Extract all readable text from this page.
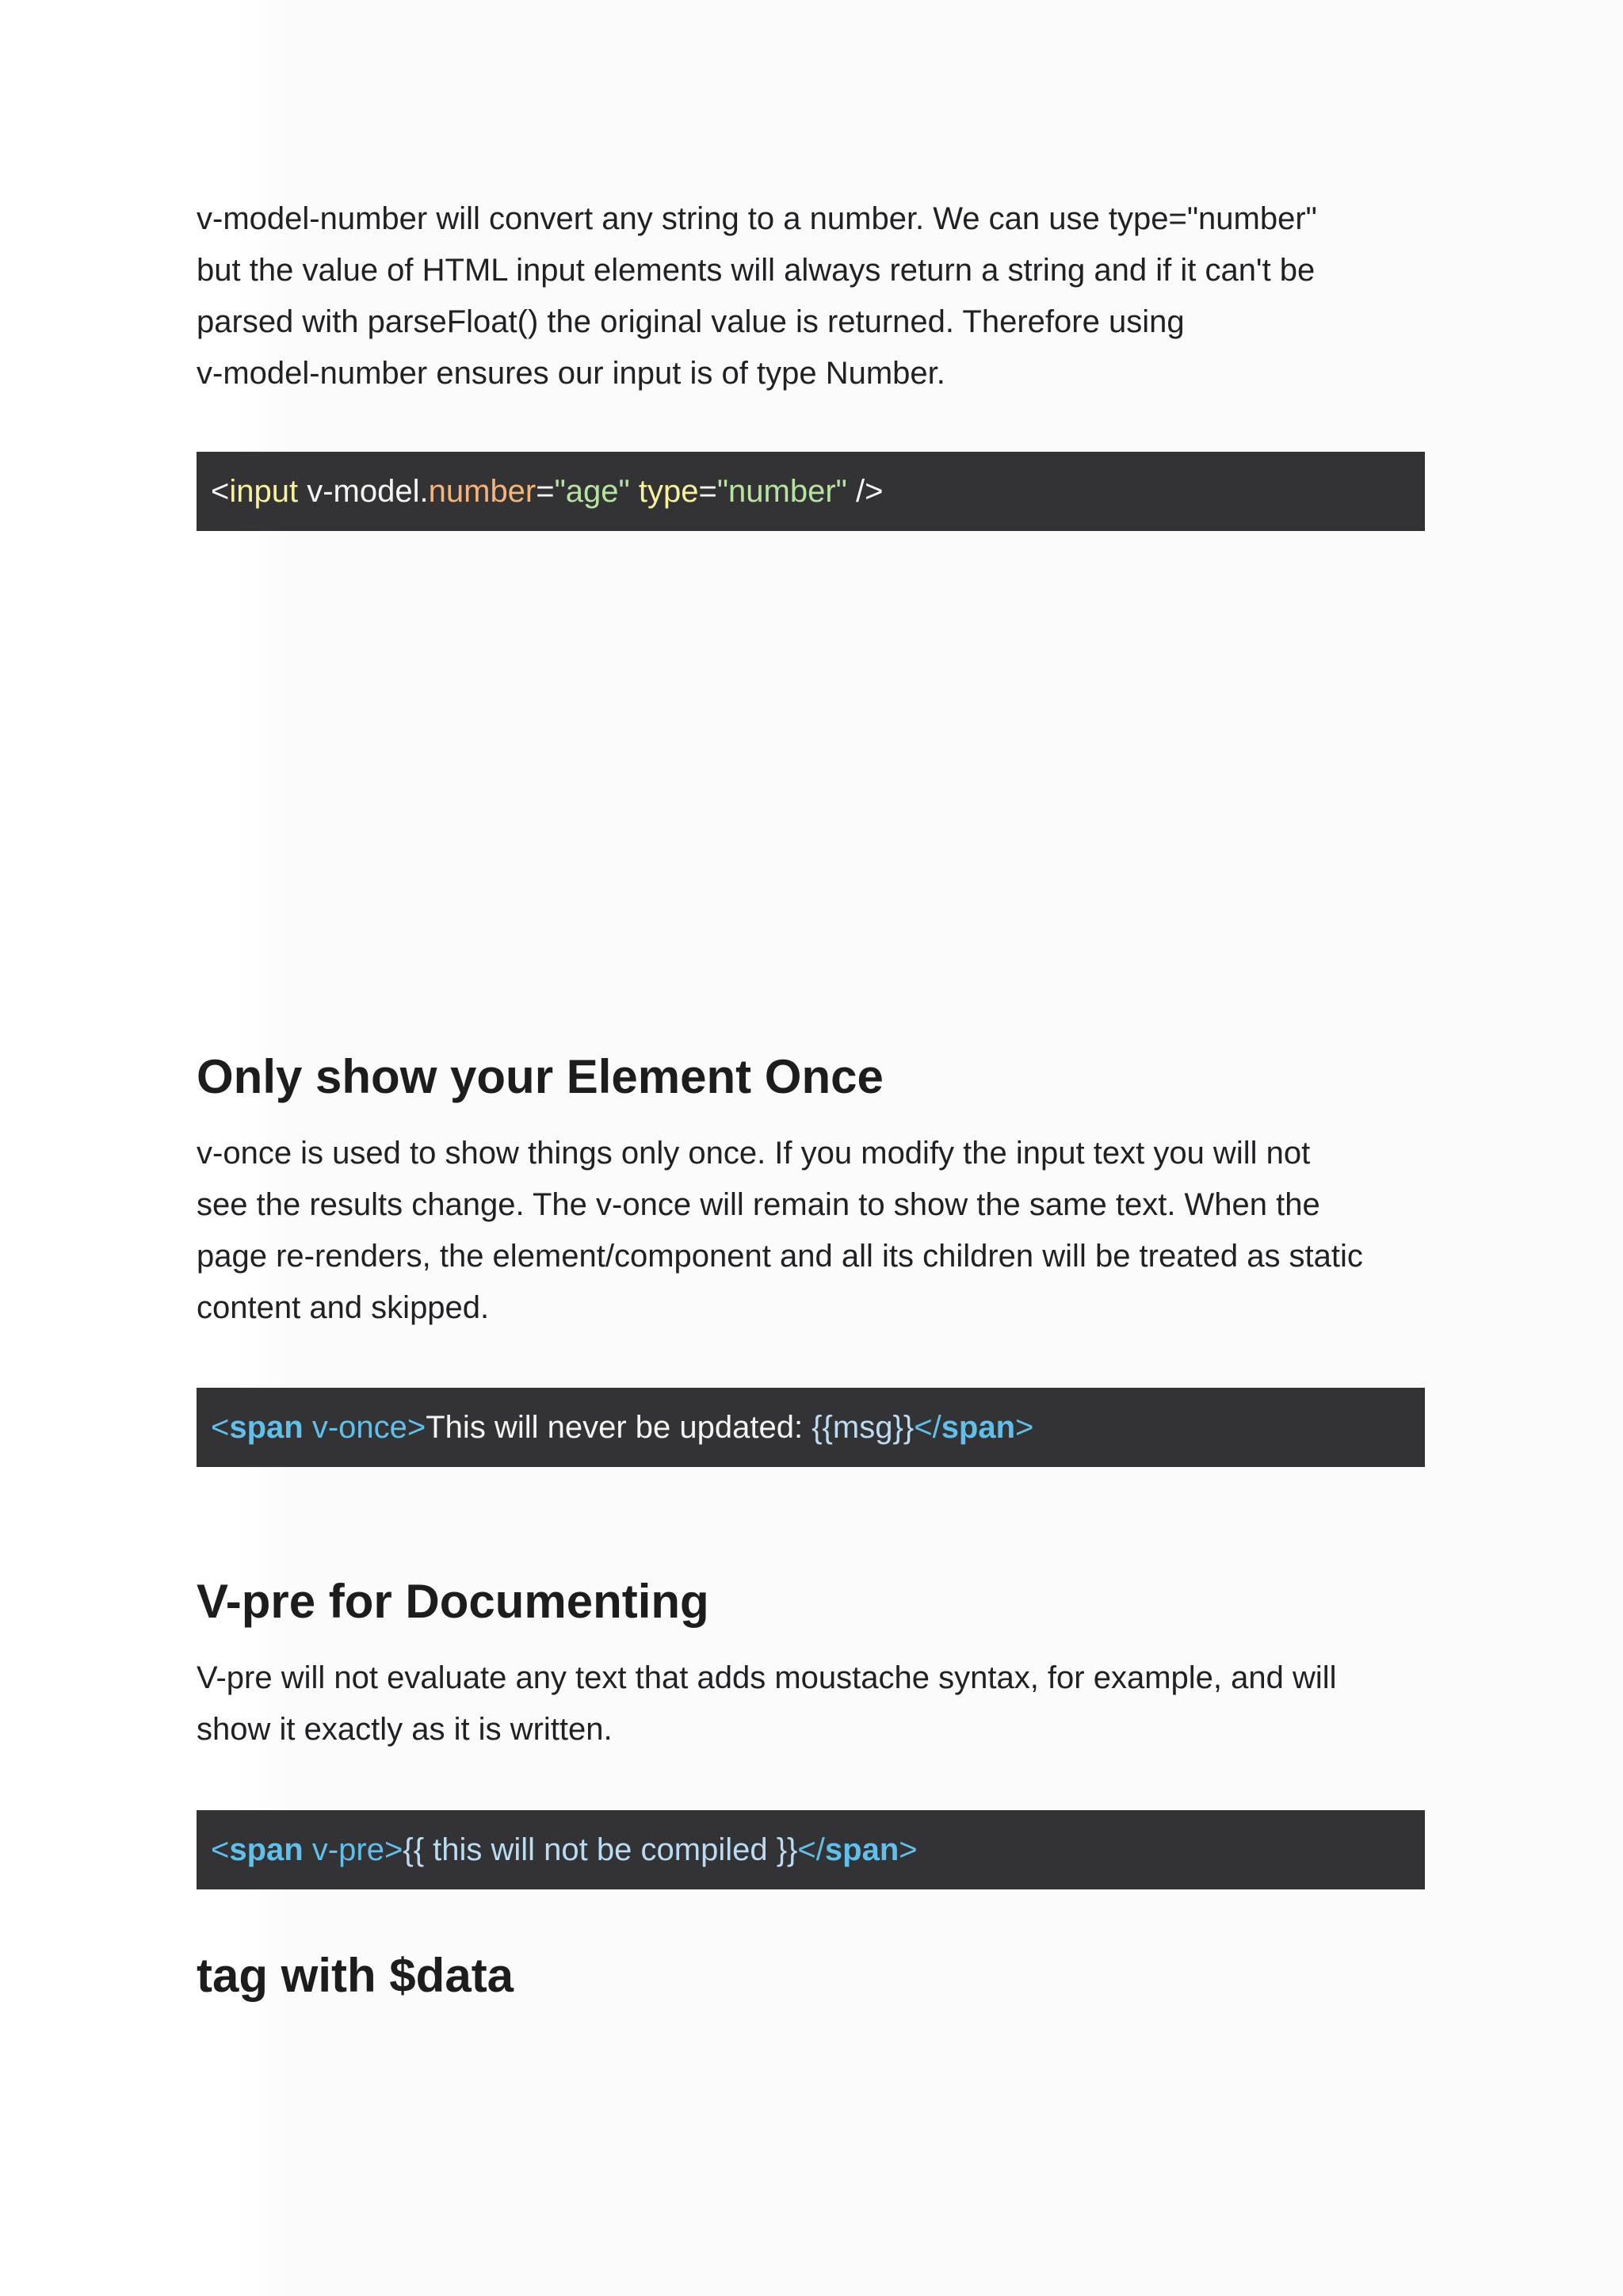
v-model-number will convert any string to a number. We can use type="number"
but the value of HTML input elements will always return a string and if it can't be
parsed with parseFloat() the original value is returned. Therefore using
v-model-number ensures our input is of type Number.
<input v-model.number="age" type="number" />
Only show your Element Once
v-once is used to show things only once. If you modify the input text you will not
see the results change. The v-once will remain to show the same text. When the
page re-renders, the element/component and all its children will be treated as static
content and skipped.
<span v-once>This will never be updated: {{msg}}</span>
V-pre for Documenting
V-pre will not evaluate any text that adds moustache syntax, for example, and will
show it exactly as it is written.
<span v-pre>{{ this will not be compiled }}</span>
tag with $data
